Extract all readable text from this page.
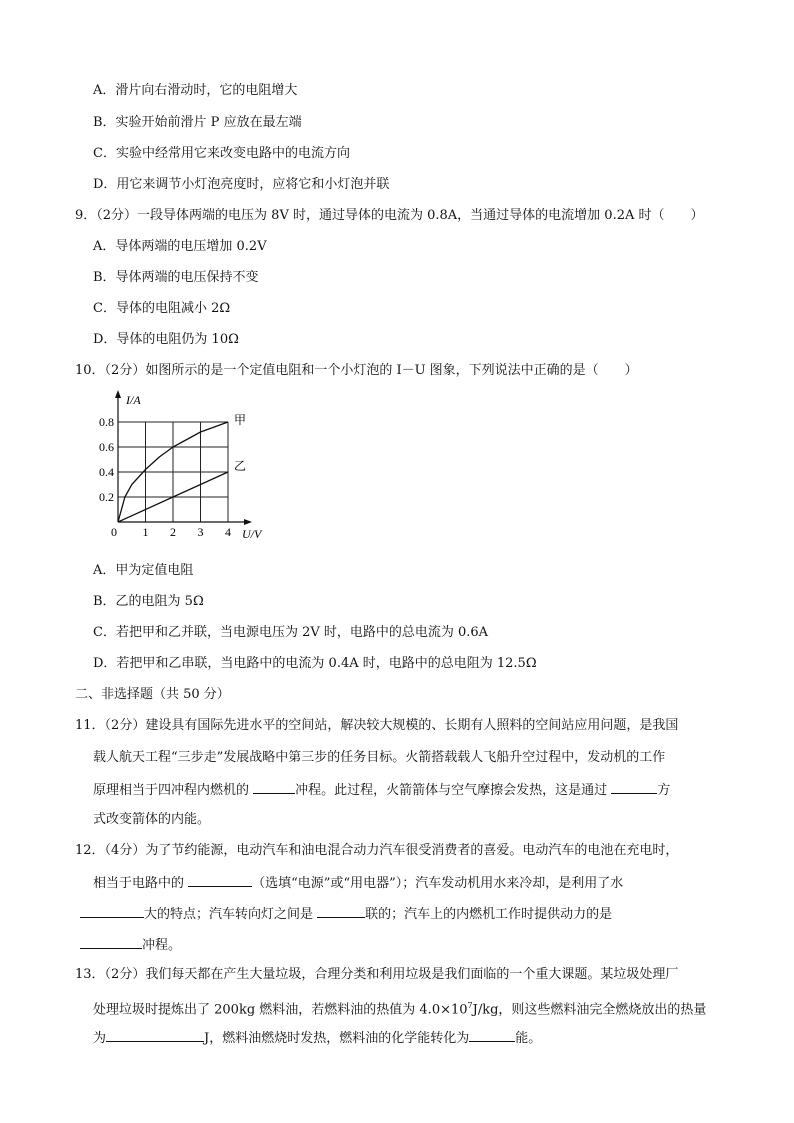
A．滑片向右滑动时，它的电阻增大
B．实验开始前滑片 P 应放在最左端
C．实验中经常用它来改变电路中的电流方向
D．用它来调节小灯泡亮度时，应将它和小灯泡并联
9．（2分）一段导体两端的电压为 8V 时，通过导体的电流为 0.8A，当通过导体的电流增加 0.2A 时（　　）
A．导体两端的电压增加 0.2V
B．导体两端的电压保持不变
C．导体的电阻减小 2Ω
D．导体的电阻仍为 10Ω
10．（2分）如图所示的是一个定值电阻和一个小灯泡的 I－U 图象，下列说法中正确的是（　　）
0 1 2 3 4
0.2
0.4
0.6
0.8
I/A
U/V
甲
乙
A．甲为定值电阻
B．乙的电阻为 5Ω
C．若把甲和乙并联，当电源电压为 2V 时，电路中的总电流为 0.6A
D．若把甲和乙串联，当电路中的电流为 0.4A 时，电路中的总电阻为 12.5Ω
二、非选择题（共 50 分）
11．（2分）建设具有国际先进水平的空间站，解决较大规模的、长期有人照料的空间站应用问题，是我国
载人航天工程“三步走”发展战略中第三步的任务目标。火箭搭载载人飞船升空过程中，发动机的工作
原理相当于四冲程内燃机的	冲程。此过程，火箭箭体与空气摩擦会发热，这是通过	方
式改变箭体的内能。
12．（4分）为了节约能源，电动汽车和油电混合动力汽车很受消费者的喜爱。电动汽车的电池在充电时，
相当于电路中的	（选填“电源”或“用电器”）；汽车发动机用水来冷却，是利用了水
大的特点；汽车转向灯之间是	联的；汽车上的内燃机工作时提供动力的是
冲程。
13．（2分）我们每天都在产生大量垃圾，合理分类和利用垃圾是我们面临的一个重大课题。某垃圾处理厂
处理垃圾时提炼出了 200kg 燃料油，若燃料油的热值为 $4.0\times 10^7J/kg$，则这些燃料油完全燃烧放出的热量
为	J，燃料油燃烧时发热，燃料油的化学能转化为	能。
